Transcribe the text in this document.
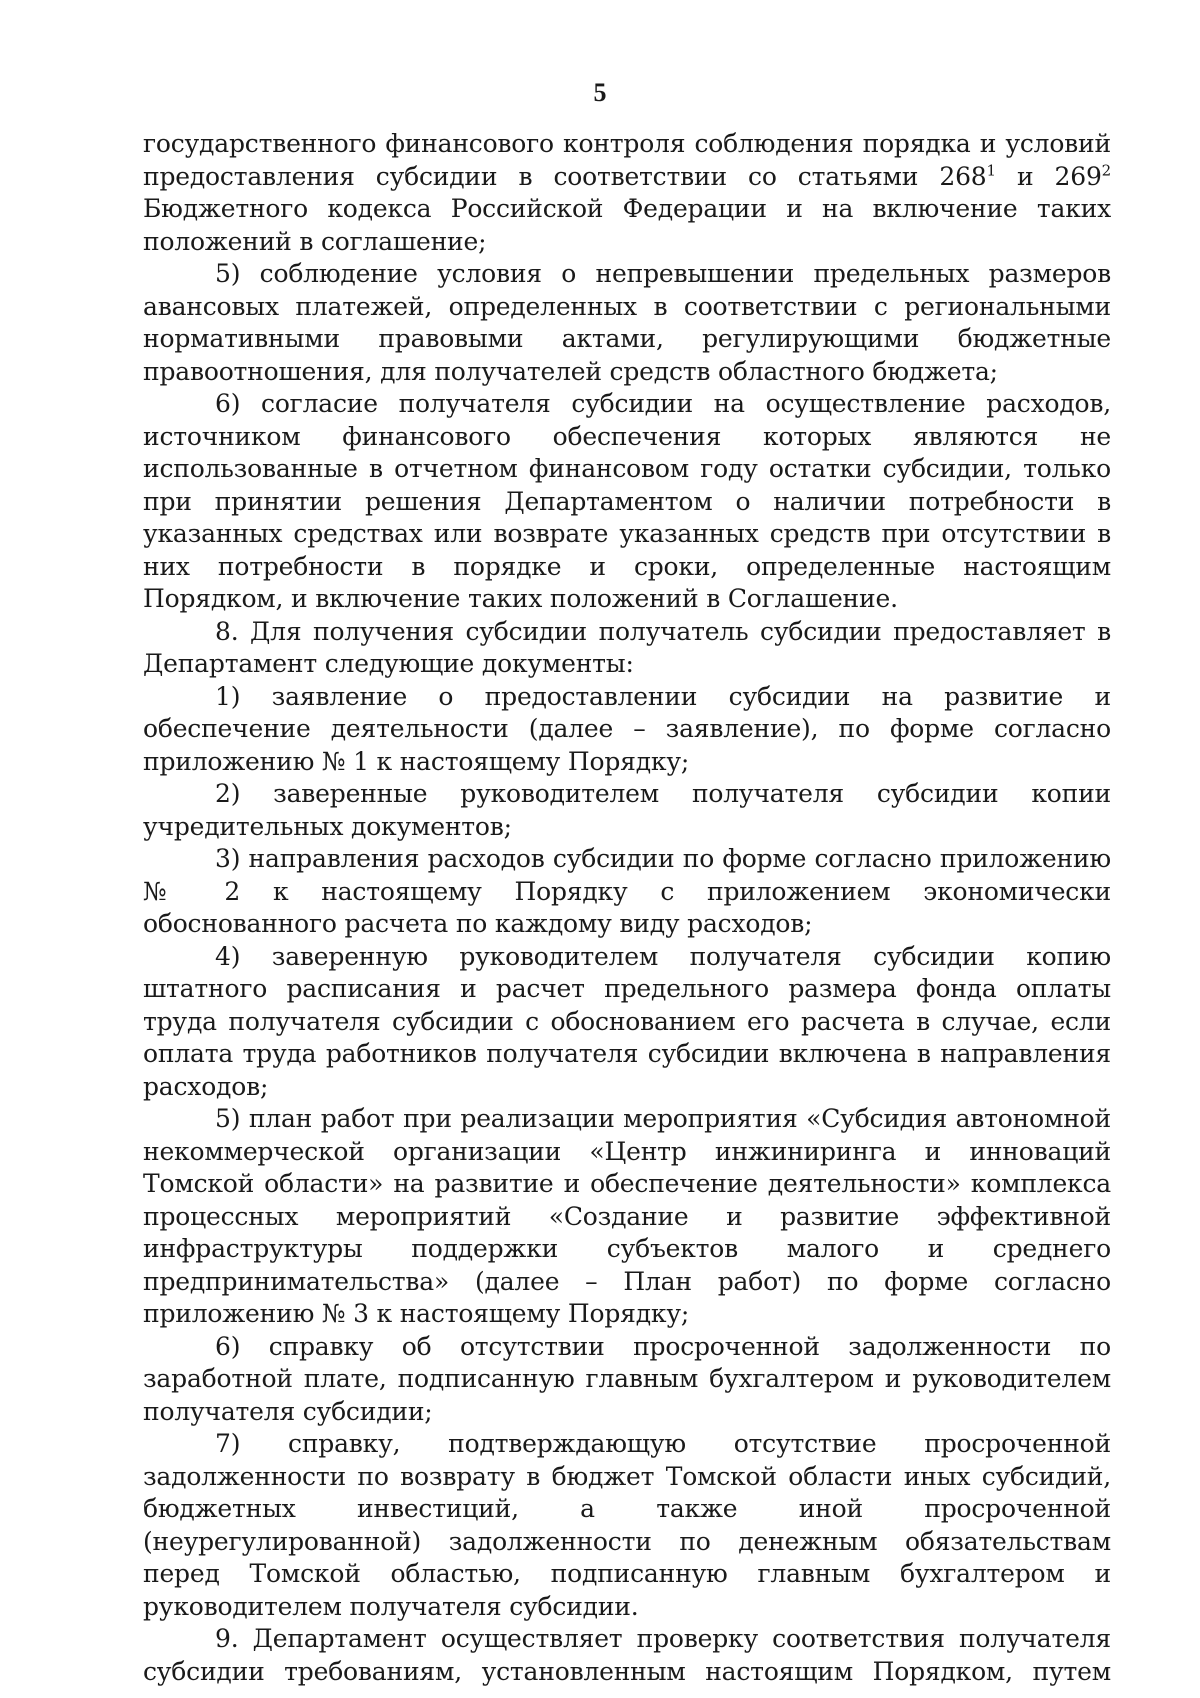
5

государственного финансового контроля соблюдения порядка и условий предоставления субсидии в соответствии со статьями $268^1$ и $269^2$ Бюджетного кодекса Российской Федерации и на включение таких положений в соглашение;

5) соблюдение условия о непревышении предельных размеров авансовых платежей, определенных в соответствии с региональными нормативными правовыми актами, регулирующими бюджетные правоотношения, для получателей средств областного бюджета;

6) согласие получателя субсидии на осуществление расходов, источником финансового обеспечения которых являются не использованные в отчетном финансовом году остатки субсидии, только при принятии решения Департаментом о наличии потребности в указанных средствах или возврате указанных средств при отсутствии в них потребности в порядке и сроки, определенные настоящим Порядком, и включение таких положений в Соглашение.

8. Для получения субсидии получатель субсидии предоставляет в Департамент следующие документы:

1) заявление о предоставлении субсидии на развитие и обеспечение деятельности (далее – заявление), по форме согласно приложению № 1 к настоящему Порядку;

2) заверенные руководителем получателя субсидии копии учредительных документов;

3) направления расходов субсидии по форме согласно приложению № 2 к настоящему Порядку с приложением экономически обоснованного расчета по каждому виду расходов;

4) заверенную руководителем получателя субсидии копию штатного расписания и расчет предельного размера фонда оплаты труда получателя субсидии с обоснованием его расчета в случае, если оплата труда работников получателя субсидии включена в направления расходов;

5) план работ при реализации мероприятия «Субсидия автономной некоммерческой организации «Центр инжиниринга и инноваций Томской области» на развитие и обеспечение деятельности» комплекса процессных мероприятий «Создание и развитие эффективной инфраструктуры поддержки субъектов малого и среднего предпринимательства» (далее – План работ) по форме согласно приложению № 3 к настоящему Порядку;

6) справку об отсутствии просроченной задолженности по заработной плате, подписанную главным бухгалтером и руководителем получателя субсидии;

7) справку, подтверждающую отсутствие просроченной задолженности по возврату в бюджет Томской области иных субсидий, бюджетных инвестиций, а также иной просроченной (неурегулированной) задолженности по денежным обязательствам перед Томской областью, подписанную главным бухгалтером и руководителем получателя субсидии.

9. Департамент осуществляет проверку соответствия получателя субсидии требованиям, установленным настоящим Порядком, путем
